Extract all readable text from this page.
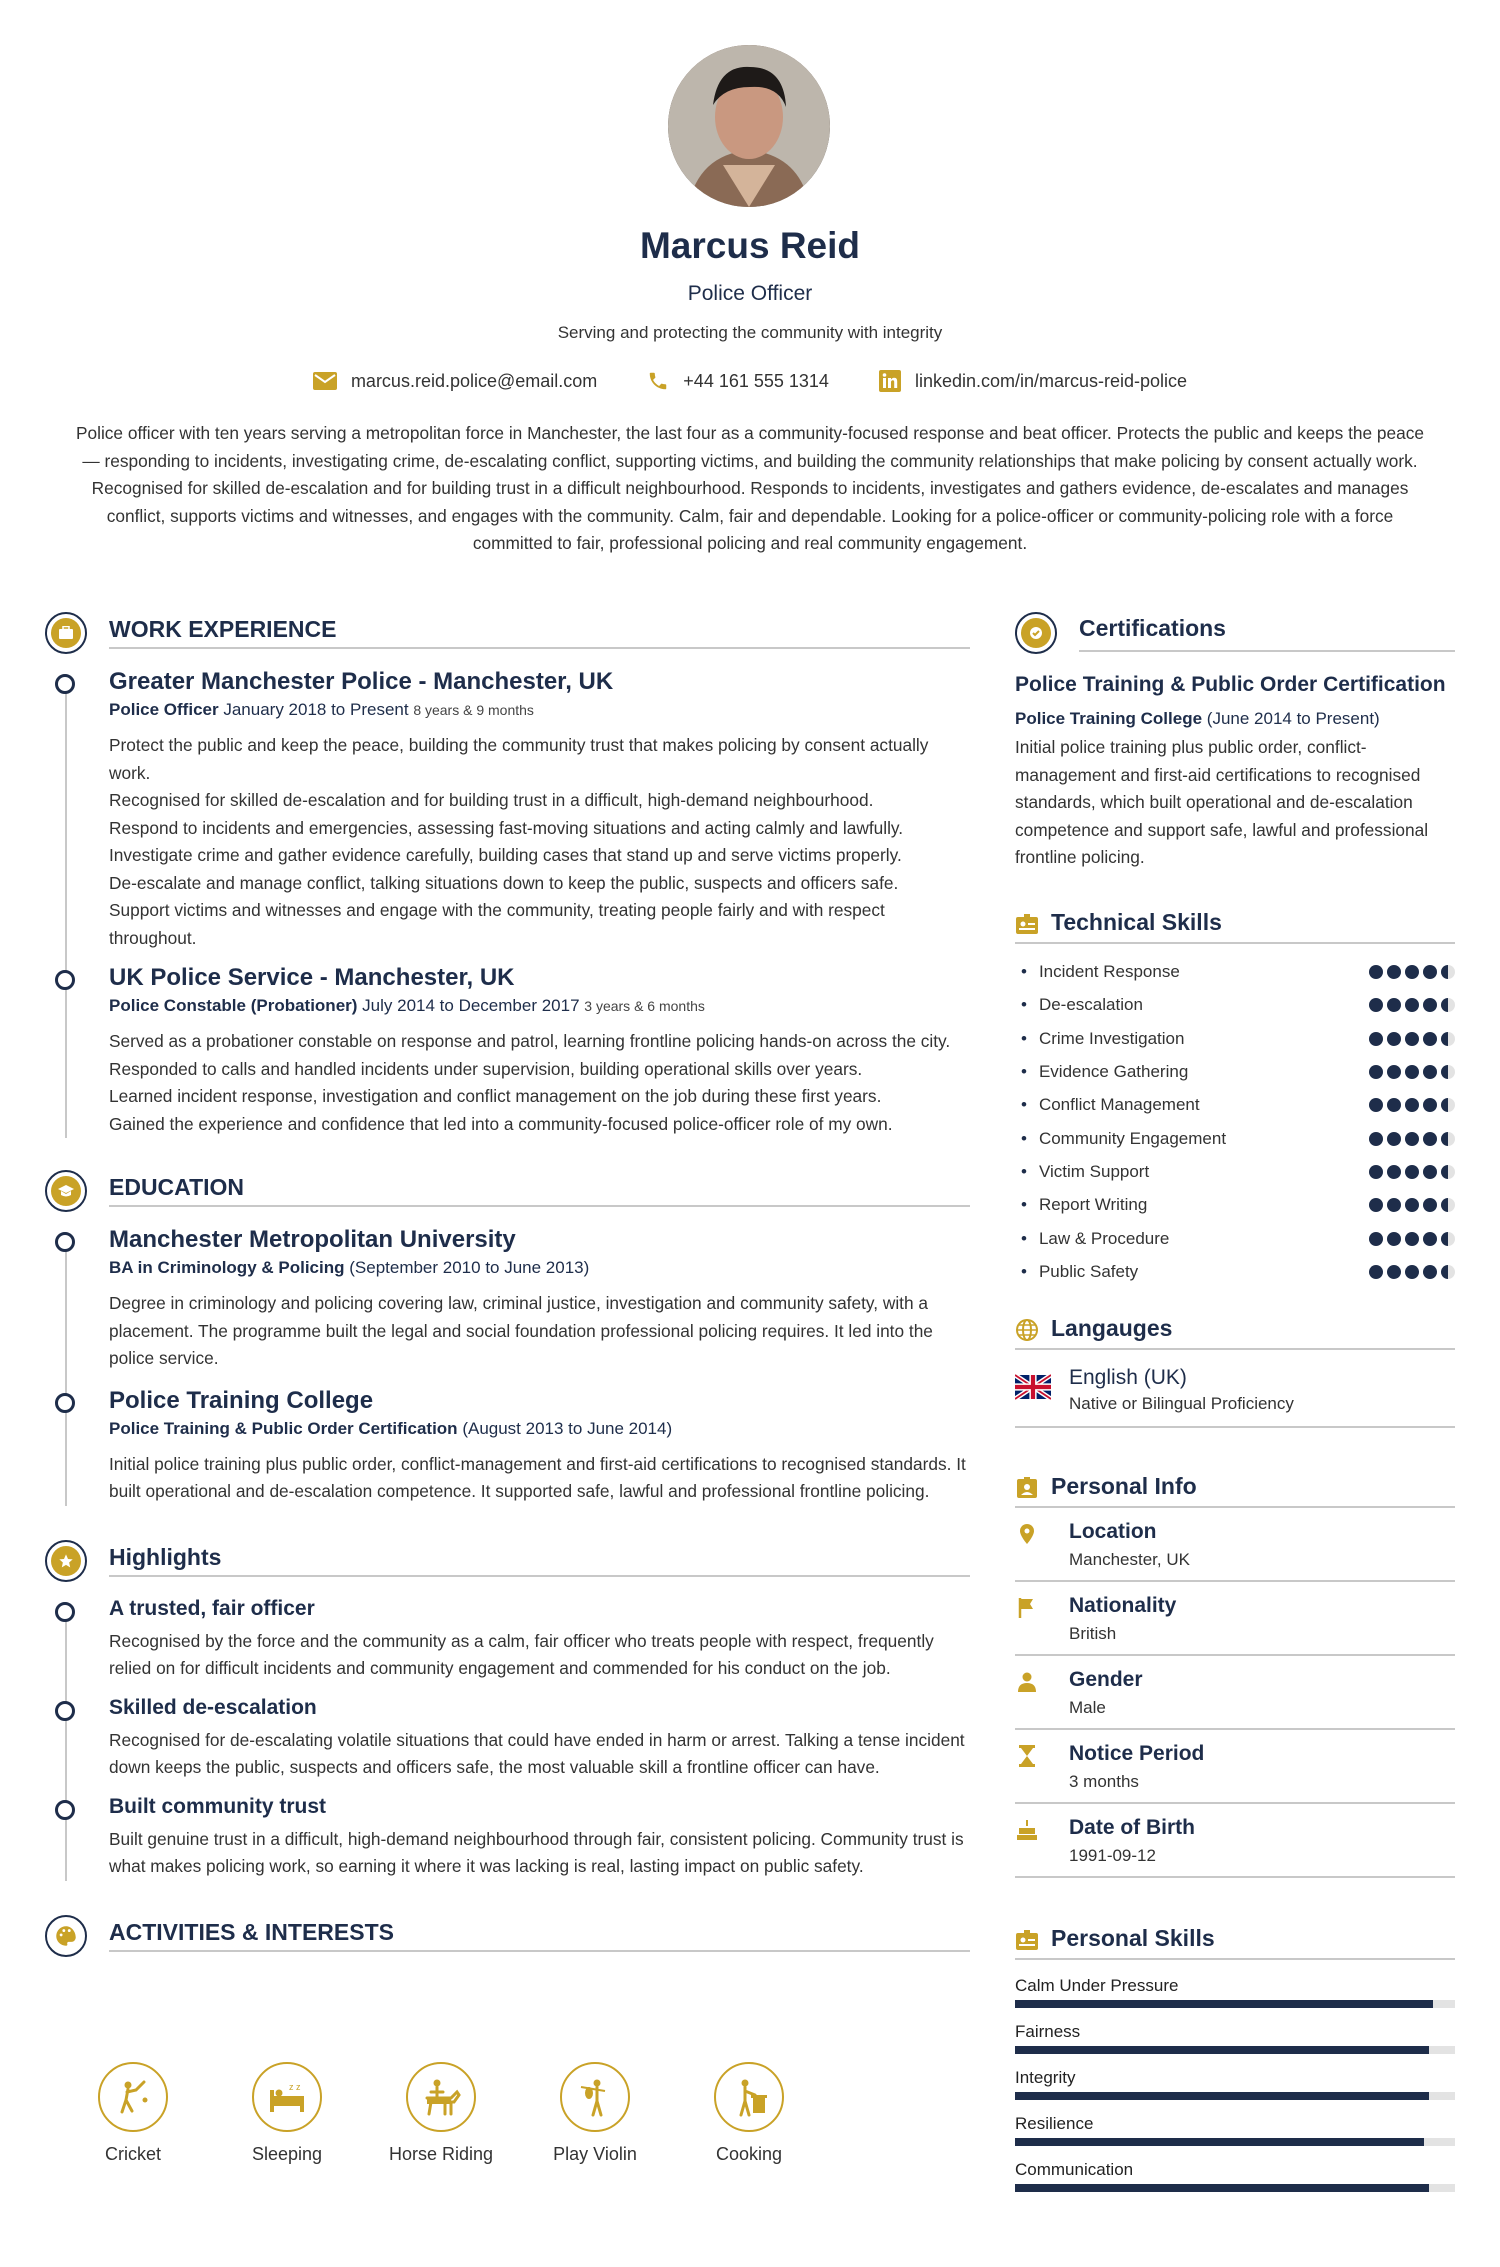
Marcus Reid
Police Officer
Serving and protecting the community with integrity
marcus.reid.police@email.com	+44 161 555 1314	linkedin.com/in/marcus-reid-police
Police officer with ten years serving a metropolitan force in Manchester, the last four as a community-focused response and beat officer. Protects the public and keeps the peace — responding to incidents, investigating crime, de-escalating conflict, supporting victims, and building the community relationships that make policing by consent actually work. Recognised for skilled de-escalation and for building trust in a difficult neighbourhood. Responds to incidents, investigates and gathers evidence, de-escalates and manages conflict, supports victims and witnesses, and engages with the community. Calm, fair and dependable. Looking for a police-officer or community-policing role with a force committed to fair, professional policing and real community engagement.
WORK EXPERIENCE
Greater Manchester Police - Manchester, UK
Police Officer January 2018 to Present 8 years & 9 months
Protect the public and keep the peace, building the community trust that makes policing by consent actually work.
Recognised for skilled de-escalation and for building trust in a difficult, high-demand neighbourhood.
Respond to incidents and emergencies, assessing fast-moving situations and acting calmly and lawfully.
Investigate crime and gather evidence carefully, building cases that stand up and serve victims properly.
De-escalate and manage conflict, talking situations down to keep the public, suspects and officers safe.
Support victims and witnesses and engage with the community, treating people fairly and with respect throughout.
UK Police Service - Manchester, UK
Police Constable (Probationer) July 2014 to December 2017 3 years & 6 months
Served as a probationer constable on response and patrol, learning frontline policing hands-on across the city.
Responded to calls and handled incidents under supervision, building operational skills over years.
Learned incident response, investigation and conflict management on the job during these first years.
Gained the experience and confidence that led into a community-focused police-officer role of my own.
EDUCATION
Manchester Metropolitan University
BA in Criminology & Policing (September 2010 to June 2013)
Degree in criminology and policing covering law, criminal justice, investigation and community safety, with a placement. The programme built the legal and social foundation professional policing requires. It led into the police service.
Police Training College
Police Training & Public Order Certification (August 2013 to June 2014)
Initial police training plus public order, conflict-management and first-aid certifications to recognised standards. It built operational and de-escalation competence. It supported safe, lawful and professional frontline policing.
Highlights
A trusted, fair officer
Recognised by the force and the community as a calm, fair officer who treats people with respect, frequently relied on for difficult incidents and community engagement and commended for his conduct on the job.
Skilled de-escalation
Recognised for de-escalating volatile situations that could have ended in harm or arrest. Talking a tense incident down keeps the public, suspects and officers safe, the most valuable skill a frontline officer can have.
Built community trust
Built genuine trust in a difficult, high-demand neighbourhood through fair, consistent policing. Community trust is what makes policing work, so earning it where it was lacking is real, lasting impact on public safety.
ACTIVITIES & INTERESTS
Cricket
z z
Sleeping	Horse Riding	Play Violin	Cooking
Certifications
Police Training & Public Order Certification
Police Training College (June 2014 to Present)
Initial police training plus public order, conflict-management and first-aid certifications to recognised standards, which built operational and de-escalation competence and support safe, lawful and professional frontline policing.
Technical Skills
• Incident Response
• De-escalation
• Crime Investigation
• Evidence Gathering
• Conflict Management
• Community Engagement
• Victim Support
• Report Writing
• Law & Procedure
• Public Safety
Langauges
English (UK)
Native or Bilingual Proficiency
Personal Info
Location
Manchester, UK
Nationality
British
Gender
Male
Notice Period
3 months
Date of Birth
1991-09-12
Personal Skills
Calm Under Pressure
Fairness
Integrity
Resilience
Communication
